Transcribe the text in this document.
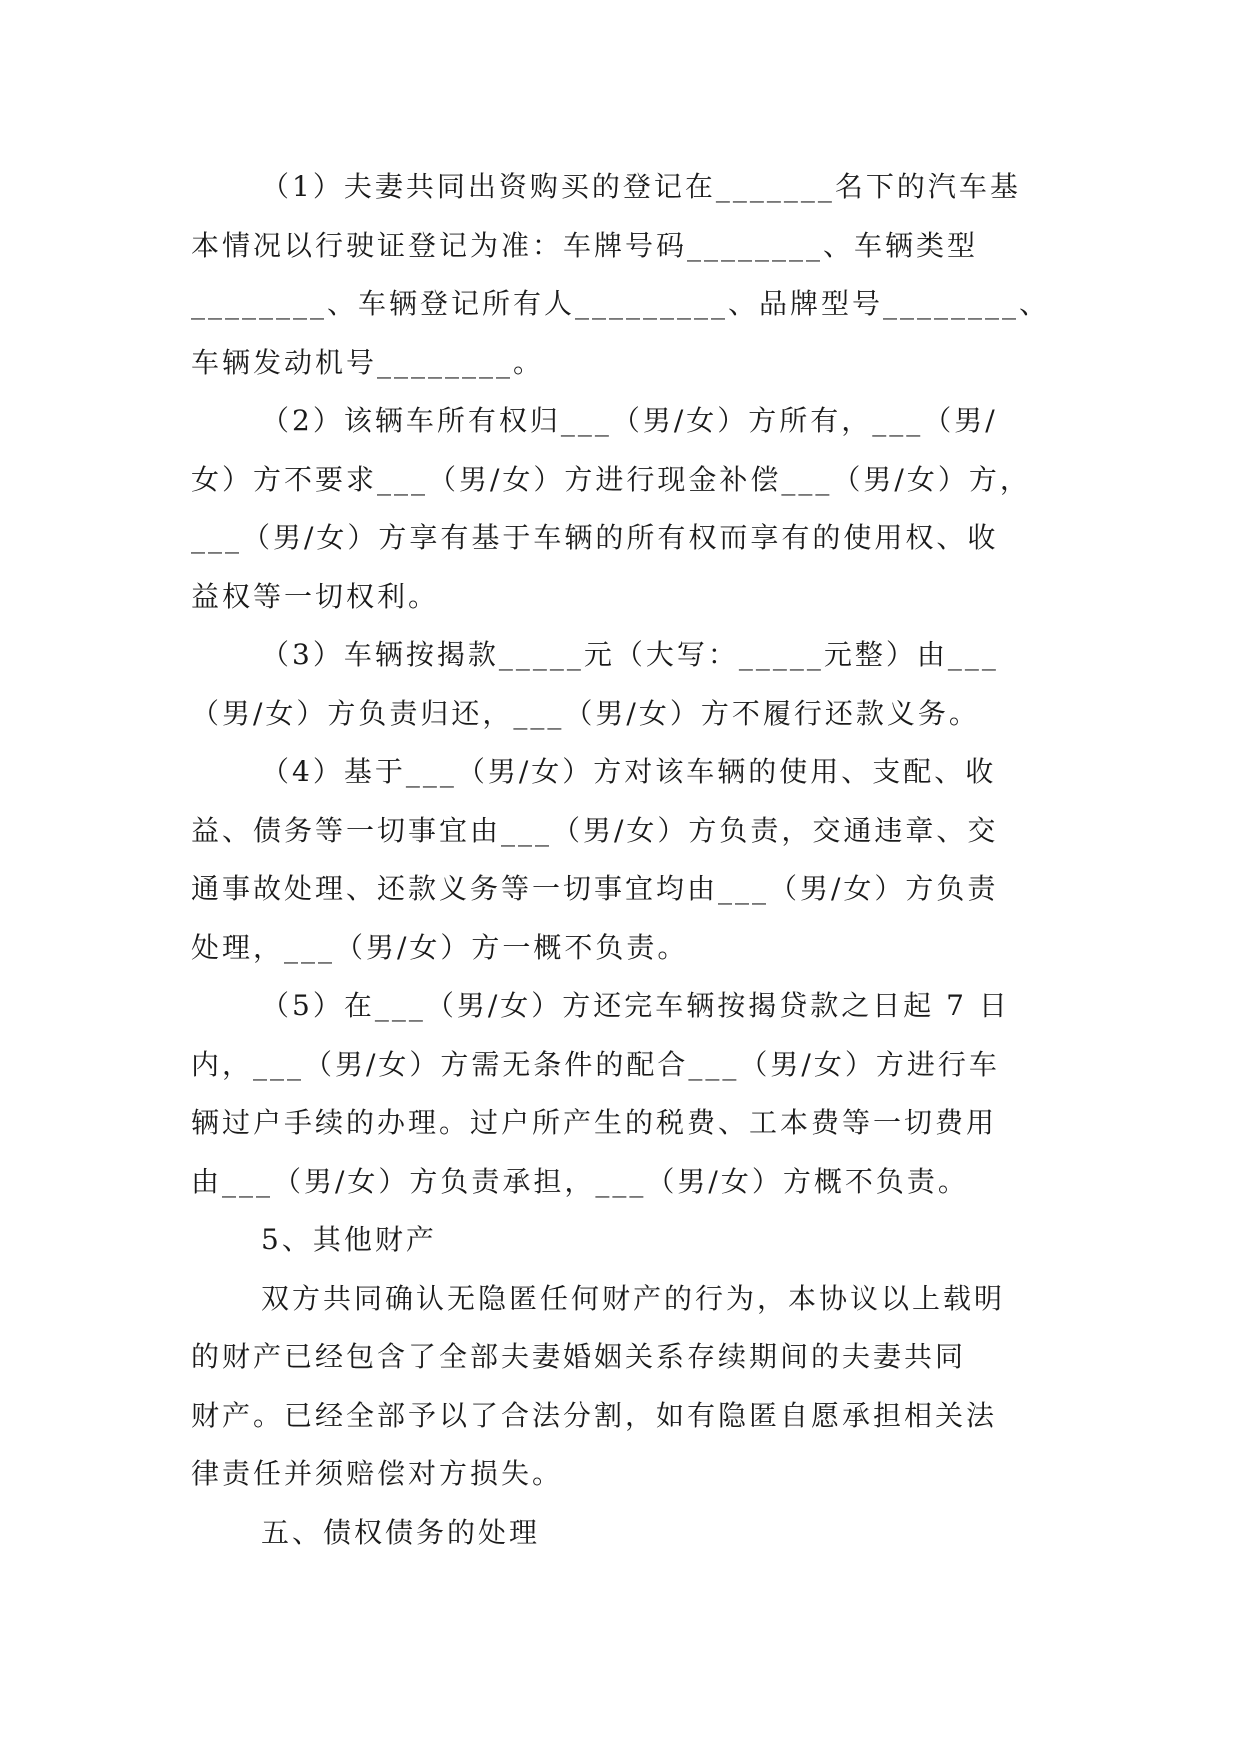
（1）夫妻共同出资购买的登记在_______名下的汽车基
本情况以行驶证登记为准：车牌号码________、车辆类型
________、车辆登记所有人_________、品牌型号________、
车辆发动机号________。
（2）该辆车所有权归___（男/女）方所有，___（男/
女）方不要求___（男/女）方进行现金补偿___（男/女）方，
___（男/女）方享有基于车辆的所有权而享有的使用权、收
益权等一切权利。
（3）车辆按揭款_____元（大写：_____元整）由___
（男/女）方负责归还，___（男/女）方不履行还款义务。
（4）基于___（男/女）方对该车辆的使用、支配、收
益、债务等一切事宜由___（男/女）方负责，交通违章、交
通事故处理、还款义务等一切事宜均由___（男/女）方负责
处理，___（男/女）方一概不负责。
（5）在___（男/女）方还完车辆按揭贷款之日起 7 日
内，___（男/女）方需无条件的配合___（男/女）方进行车
辆过户手续的办理。过户所产生的税费、工本费等一切费用
由___（男/女）方负责承担，___（男/女）方概不负责。
5、其他财产
双方共同确认无隐匿任何财产的行为，本协议以上载明
的财产已经包含了全部夫妻婚姻关系存续期间的夫妻共同
财产。已经全部予以了合法分割，如有隐匿自愿承担相关法
律责任并须赔偿对方损失。
五、债权债务的处理
